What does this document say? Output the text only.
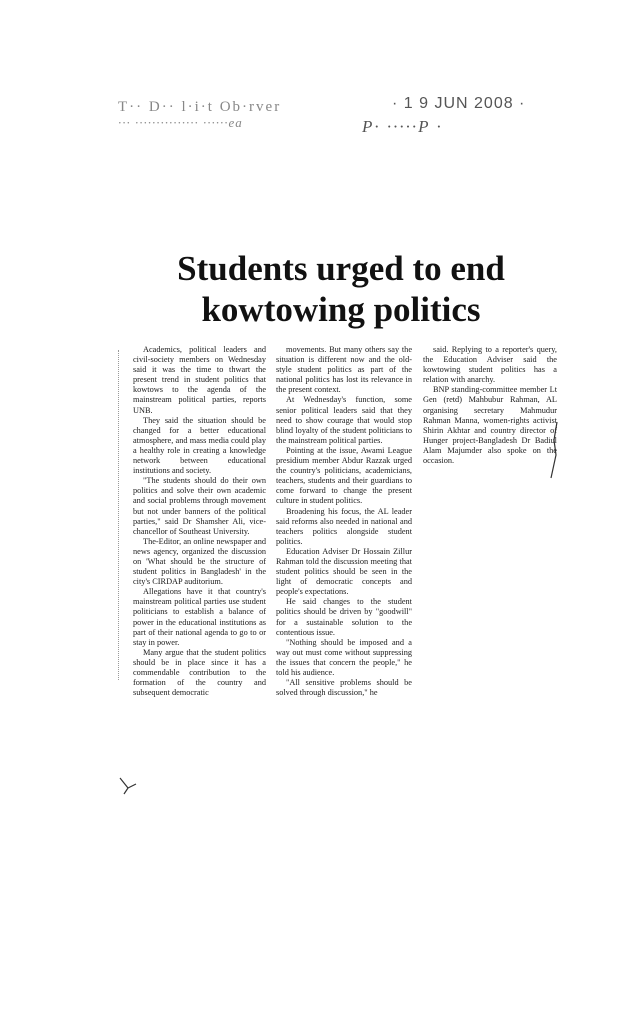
T·· D·· l·i·t Ob·rver
··· ··············· ······ea
· 1 9 JUN 2008 ·
P· ·····P ·
Students urged to end kowtowing politics

Academics, political leaders and civil-society members on Wednesday said it was the time to thwart the present trend in student politics that kowtows to the agenda of the mainstream political parties, reports UNB.

They said the situation should be changed for a better educational atmosphere, and mass media could play a healthy role in creating a knowledge network between educational institutions and society.

"The students should do their own politics and solve their own academic and social problems through movement but not under banners of the political parties," said Dr Shamsher Ali, vice-chancellor of Southeast University.

The-Editor, an online newspaper and news agency, organized the discussion on 'What should be the structure of student politics in Bangladesh' in the city's CIRDAP auditorium.

Allegations have it that country's mainstream political parties use student politicians to establish a balance of power in the educational institutions as part of their national agenda to go to or stay in power.

Many argue that the student politics should be in place since it has a commendable contribution to the formation of the country and subsequent democratic

movements. But many others say the situation is different now and the old-style student politics as part of the national politics has lost its relevance in the present context.

At Wednesday's function, some senior political leaders said that they need to show courage that would stop blind loyalty of the student politicians to the mainstream political parties.

Pointing at the issue, Awami League presidium member Abdur Razzak urged the country's politicians, academicians, teachers, students and their guardians to come forward to change the present culture in student politics.

Broadening his focus, the AL leader said reforms also needed in national and teachers politics alongside student politics.

Education Adviser Dr Hossain Zillur Rahman told the discussion meeting that student politics should be seen in the light of democratic concepts and people's expectations.

He said changes to the student politics should be driven by "goodwill" for a sustainable solution to the contentious issue.

"Nothing should be imposed and a way out must come without suppressing the issues that concern the people," he told his audience.

"All sensitive problems should be solved through discussion," he

said. Replying to a reporter's query, the Education Adviser said the kowtowing student politics has a relation with anarchy.

BNP standing-committee member Lt Gen (retd) Mahbubur Rahman, AL organising secretary Mahmudur Rahman Manna, women-rights activist Shirin Akhtar and country director of Hunger project-Bangladesh Dr Badiul Alam Majumder also spoke on the occasion.
